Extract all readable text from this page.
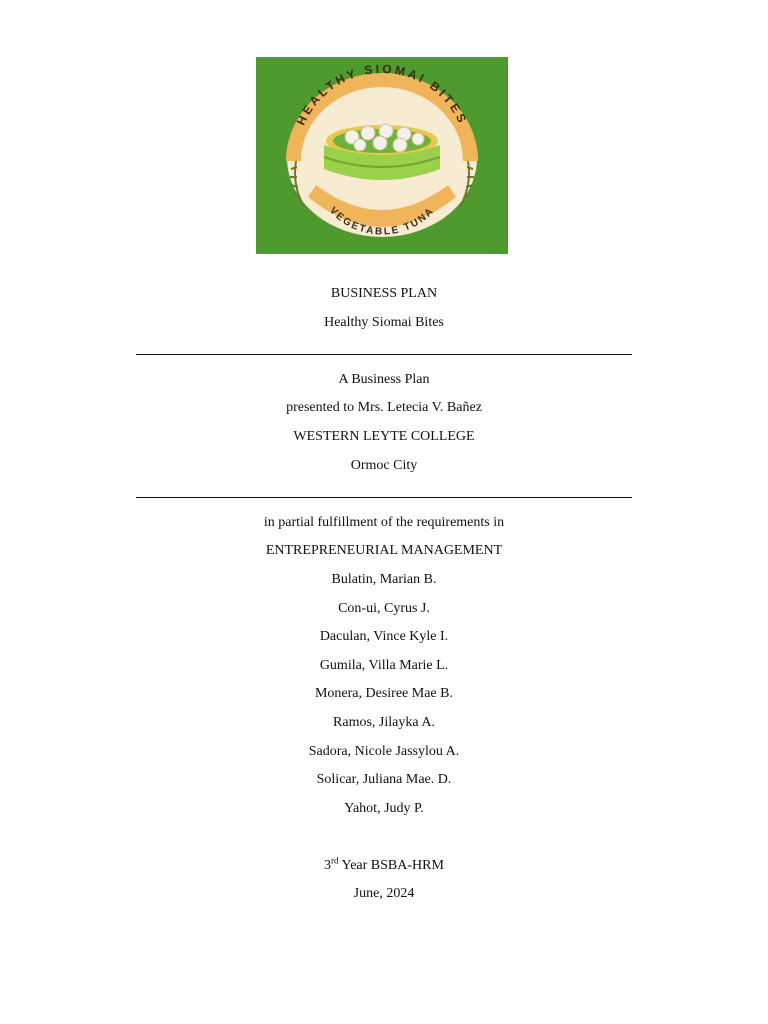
HEALTHY SIOMAI BITES
VEGETABLE TUNA
BUSINESS PLAN
Healthy Siomai Bites
A Business Plan
presented to Mrs. Letecia V. Bañez
WESTERN LEYTE COLLEGE
Ormoc City
in partial fulfillment of the requirements in
ENTREPRENEURIAL MANAGEMENT
Bulatin, Marian B.
Con-ui, Cyrus J.
Daculan, Vince Kyle I.
Gumila, Villa Marie L.
Monera, Desiree Mae B.
Ramos, Jilayka A.
Sadora, Nicole Jassylou A.
Solicar, Juliana Mae. D.
Yahot, Judy P.
3rd Year BSBA-HRM
June, 2024
